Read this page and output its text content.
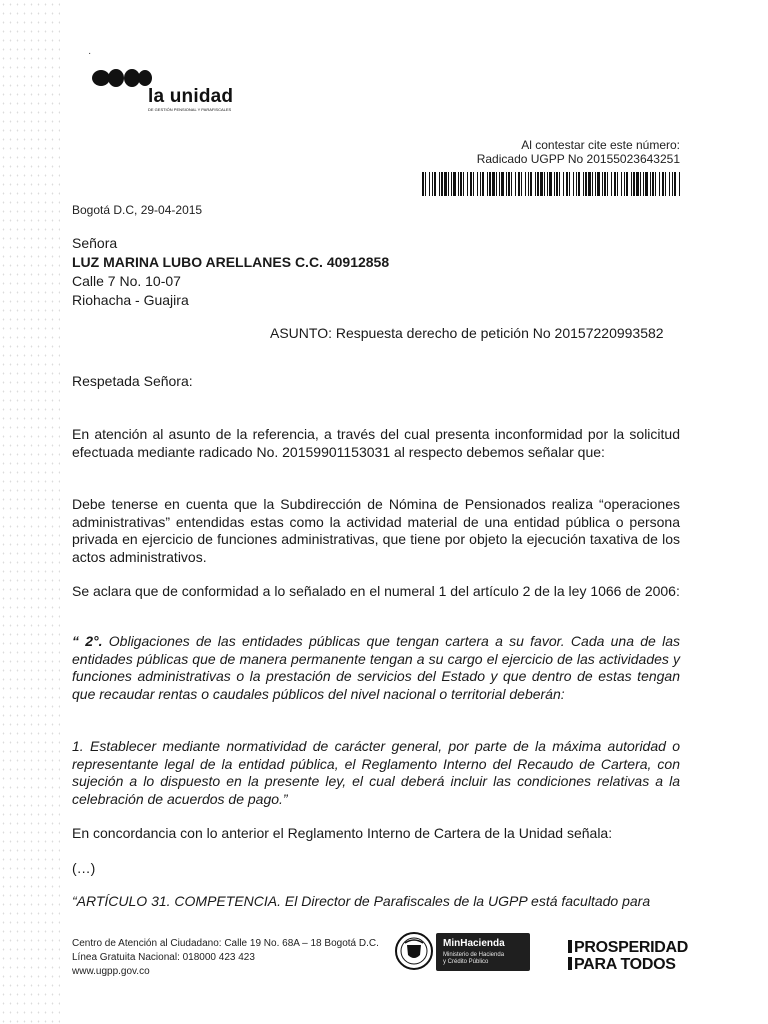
·
la unidad
DE GESTIÓN PENSIONAL Y PARAFISCALES
Al contestar cite este número:
Radicado UGPP No 20155023643251
Bogotá D.C, 29-04-2015
Señora
LUZ MARINA LUBO ARELLANES C.C. 40912858
Calle 7 No. 10-07
Riohacha - Guajira
ASUNTO: Respuesta derecho de petición No 20157220993582
Respetada Señora:
En atención al asunto de la referencia, a través del cual presenta inconformidad por la solicitud efectuada mediante radicado No. 20159901153031 al respecto debemos señalar que:
Debe tenerse en cuenta que la Subdirección de Nómina de Pensionados realiza “operaciones administrativas” entendidas estas como la actividad material de una entidad pública o persona privada en ejercicio de funciones administrativas, que tiene por objeto la ejecución taxativa de los actos administrativos.
Se aclara que de conformidad a lo señalado en el numeral 1 del artículo 2 de la ley 1066 de 2006:
“ 2°. Obligaciones de las entidades públicas que tengan cartera a su favor. Cada una de las entidades públicas que de manera permanente tengan a su cargo el ejercicio de las actividades y funciones administrativas o la prestación de servicios del Estado y que dentro de estas tengan que recaudar rentas o caudales públicos del nivel nacional o territorial deberán:
1. Establecer mediante normatividad de carácter general, por parte de la máxima autoridad o representante legal de la entidad pública, el Reglamento Interno del Recaudo de Cartera, con sujeción a lo dispuesto en la presente ley, el cual deberá incluir las condiciones relativas a la celebración de acuerdos de pago.”
En concordancia con lo anterior el Reglamento Interno de Cartera de la Unidad señala:
(…)
“ARTÍCULO 31. COMPETENCIA. El Director de Parafiscales de la UGPP está facultado para
Centro de Atención al Ciudadano: Calle 19 No. 68A – 18 Bogotá D.C.
Línea Gratuita Nacional: 018000 423 423
www.ugpp.gov.co
MinHacienda
Ministerio de Hacienda
y Crédito Público
PROSPERIDAD
PARA TODOS
